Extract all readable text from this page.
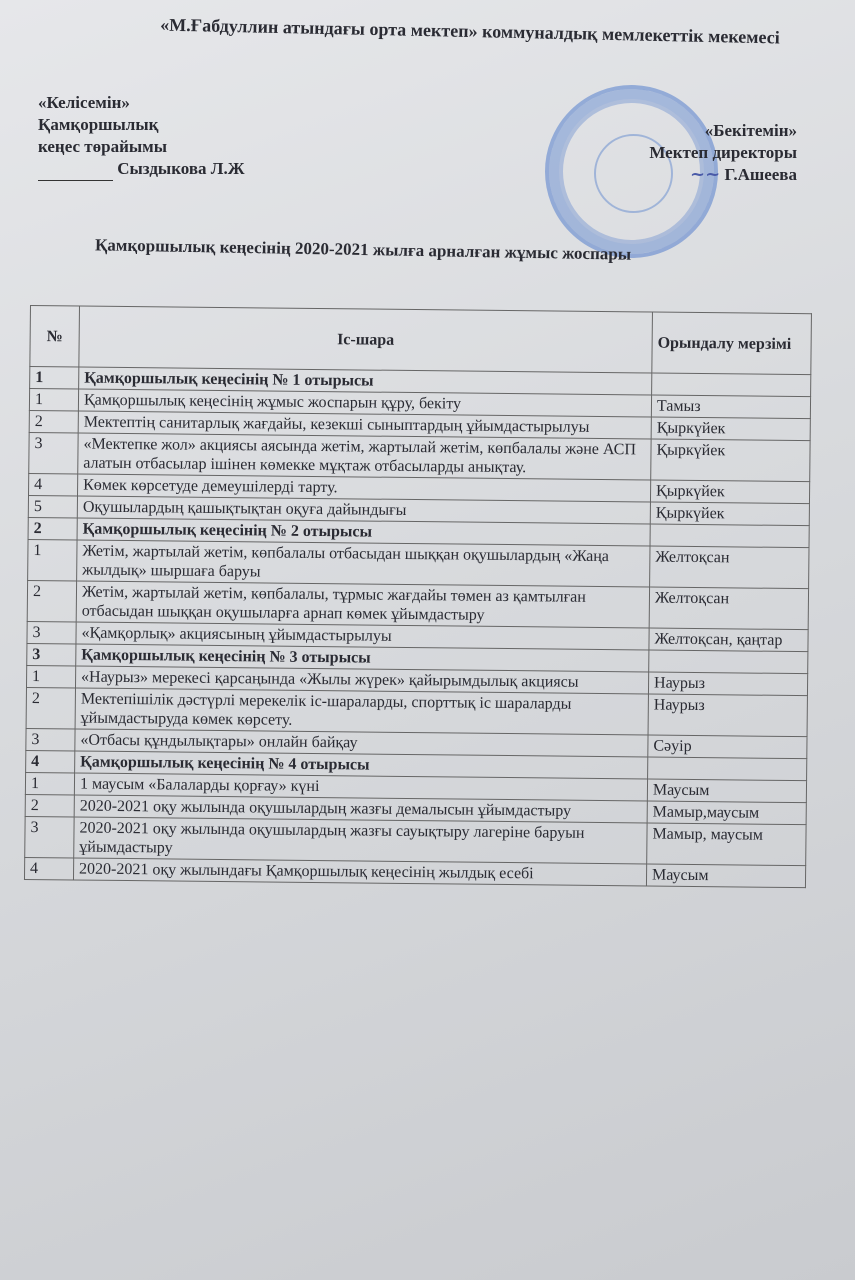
«М.Ғабдуллин атындағы орта мектеп» коммуналдық мемлекеттік мекемесі
«Келісемін»
Қамқоршылық
кеңес төрайымы
Сыздыкова Л.Ж
«Бекітемін»
Мектеп директоры
~~ Г.Ашеева
Қамқоршылық кеңесінің 2020-2021 жылға арналған жұмыс жоспары
№	Іс-шара	Орындалу мерзімі
1	Қамқоршылық кеңесінің № 1 отырысы	
1	Қамқоршылық кеңесінің жұмыс жоспарын құру, бекіту	Тамыз
2	Мектептің санитарлық жағдайы, кезекші сыныптардың ұйымдастырылуы	Қыркүйек
3	«Мектепке жол» акциясы аясында жетім, жартылай жетім, көпбалалы және АСП алатын отбасылар ішінен көмекке мұқтаж отбасыларды анықтау.	Қыркүйек
4	Көмек көрсетуде демеушілерді тарту.	Қыркүйек
5	Оқушылардың қашықтықтан оқуға дайындығы	Қыркүйек
2	Қамқоршылық кеңесінің № 2 отырысы	
1	Жетім, жартылай жетім, көпбалалы отбасыдан шыққан оқушылардың «Жаңа жылдық» шыршаға баруы	Желтоқсан
2	Жетім, жартылай жетім, көпбалалы, тұрмыс жағдайы төмен аз қамтылған отбасыдан шыққан оқушыларға арнап көмек ұйымдастыру	Желтоқсан
3	«Қамқорлық» акциясының ұйымдастырылуы	Желтоқсан, қаңтар
3	Қамқоршылық кеңесінің № 3 отырысы	
1	«Наурыз» мерекесі қарсаңында «Жылы жүрек» қайырымдылық акциясы	Наурыз
2	Мектепішілік дәстүрлі мерекелік іс-шараларды, спорттық іс шараларды ұйымдастыруда көмек көрсету.	Наурыз
3	«Отбасы құндылықтары» онлайн байқау	Сәуір
4	Қамқоршылық кеңесінің № 4 отырысы	
1	1 маусым «Балаларды қорғау» күні	Маусым
2	2020-2021 оқу жылында оқушылардың жазғы демалысын ұйымдастыру	Мамыр,маусым
3	2020-2021 оқу жылында оқушылардың жазғы сауықтыру лагеріне баруын ұйымдастыру	Мамыр, маусым
4	2020-2021 оқу жылындағы Қамқоршылық кеңесінің жылдық есебі	Маусым
